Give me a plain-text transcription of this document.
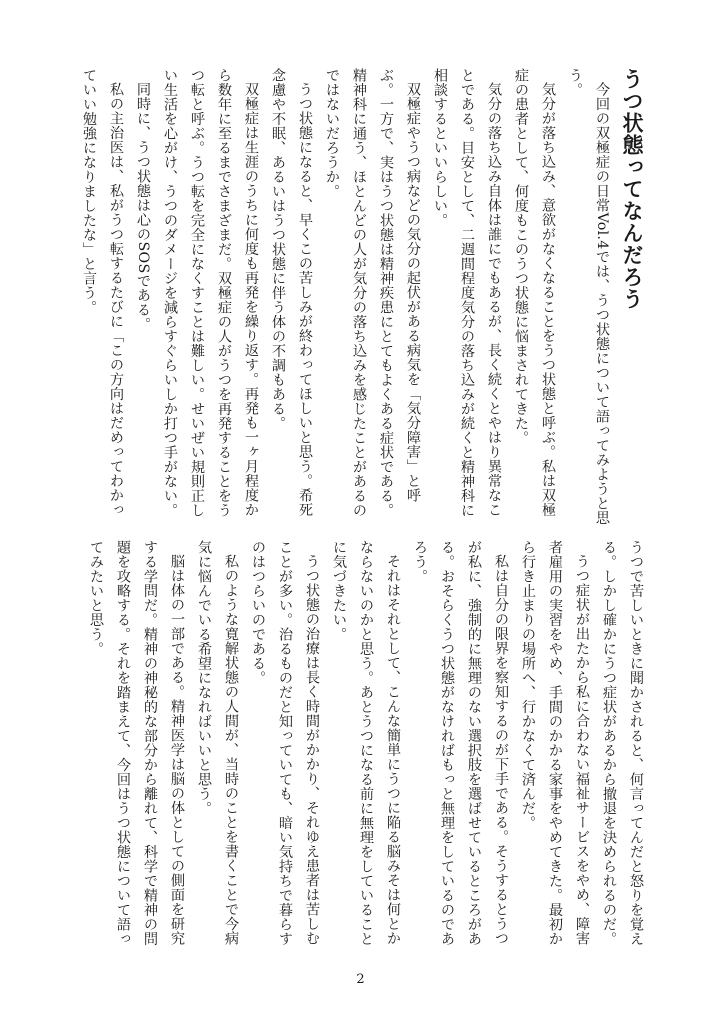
うつ状態ってなんだろう

今回の双極症の日常Vol.4では、うつ状態について語ってみようと思う。

気分が落ち込み、意欲がなくなることをうつ状態と呼ぶ。私は双極症の患者として、何度もこのうつ状態に悩まされてきた。

気分の落ち込み自体は誰にでもあるが、長く続くとやはり異常なことである。目安として、二週間程度気分の落ち込みが続くと精神科に相談するといいらしい。

双極症やうつ病などの気分の起伏がある病気を「気分障害」と呼ぶ。一方で、実はうつ状態は精神疾患にとてもよくある症状である。精神科に通う、ほとんどの人が気分の落ち込みを感じたことがあるのではないだろうか。

うつ状態になると、早くこの苦しみが終わってほしいと思う。希死念慮や不眠、あるいはうつ状態に伴う体の不調もある。

双極症は生涯のうちに何度も再発を繰り返す。再発も一ヶ月程度から数年に至るまでさまざまだ。双極症の人がうつを再発することをうつ転と呼ぶ。うつ転を完全になくすことは難しい。せいぜい規則正しい生活を心がけ、うつのダメージを減らすぐらいしか打つ手がない。

同時に、うつ状態は心のSOSである。

私の主治医は、私がうつ転するたびに「この方向はだめってわかっていい勉強になりましたな」と言う。

うつで苦しいときに聞かされると、何言ってんだと怒りを覚える。しかし確かにうつ症状があるから撤退を決められるのだ。

うつ症状が出たから私に合わない福祉サービスをやめ、障害者雇用の実習をやめ、手間のかかる家事をやめてきた。最初から行き止まりの場所へ、行かなくて済んだ。

私は自分の限界を察知するのが下手である。そうするとうつが私に、強制的に無理のない選択肢を選ばせているところがある。おそらくうつ状態がなければもっと無理をしているのであろう。

それはそれとして、こんな簡単にうつに陥る脳みそは何とかならないのかと思う。あとうつになる前に無理をしていることに気づきたい。

うつ状態の治療は長く時間がかかり、それゆえ患者は苦しむことが多い。治るものだと知っていても、暗い気持ちで暮らすのはつらいのである。

私のような寛解状態の人間が、当時のことを書くことで今病気に悩んでいる希望になればいいと思う。

脳は体の一部である。精神医学は脳の体としての側面を研究する学問だ。精神の神秘的な部分から離れて、科学で精神の問題を攻略する。それを踏まえて、今回はうつ状態について語ってみたいと思う。

2
